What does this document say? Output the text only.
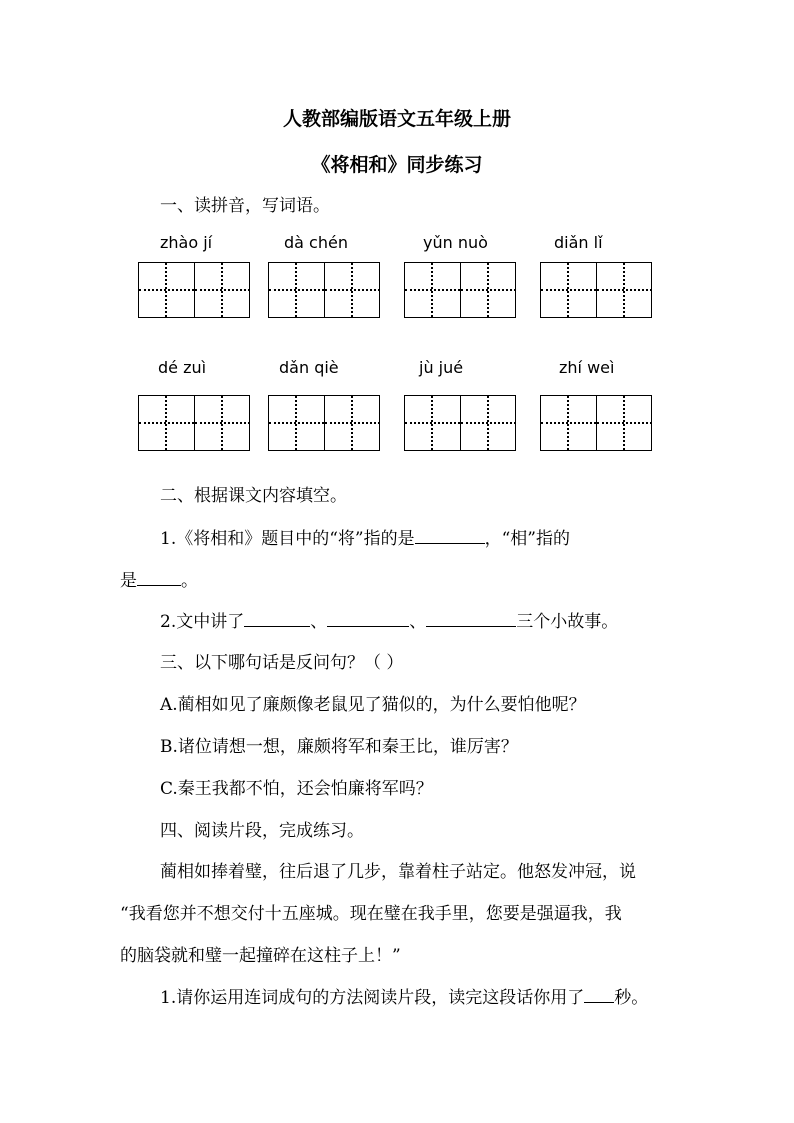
人教部编版语文五年级上册
《将相和》同步练习
一、读拼音，写词语。
zhào jí	dà chén	yǔn nuò	diǎn lǐ
dé zuì	dǎn qiè	jù jué	zhí weì
二、根据课文内容填空。
1.《将相和》题目中的“将”指的是	，“相”指的
是	。
2.文中讲了	、	、	三个小故事。
三、以下哪句话是反问句？（ ）
A.蔺相如见了廉颇像老鼠见了猫似的，为什么要怕他呢？
B.诸位请想一想，廉颇将军和秦王比，谁厉害？
C.秦王我都不怕，还会怕廉将军吗？
四、阅读片段，完成练习。
蔺相如捧着璧，往后退了几步，靠着柱子站定。他怒发冲冠，说
“我看您并不想交付十五座城。现在璧在我手里，您要是强逼我，我
的脑袋就和璧一起撞碎在这柱子上！”
1.请你运用连词成句的方法阅读片段，读完这段话你用了 秒。
